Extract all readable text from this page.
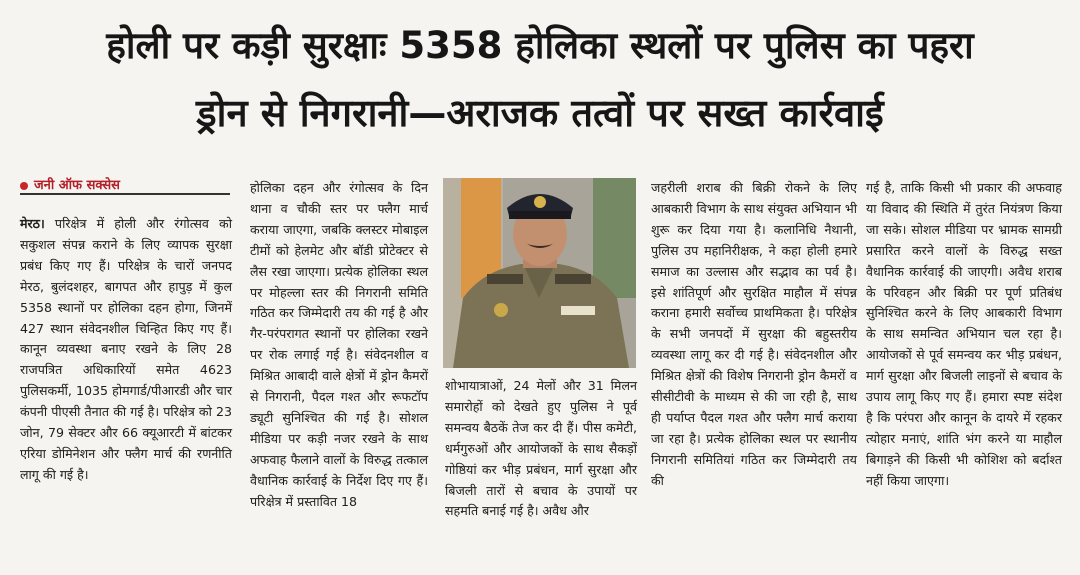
होली पर कड़ी सुरक्षाः 5358 होलिका स्थलों पर पुलिस का पहरा
ड्रोन से निगरानी—अराजक तत्वों पर सख्त कार्रवाई
जनी ऑफ सक्सेस
मेरठ। परिक्षेत्र में होली और रंगोत्सव को सकुशल संपन्न कराने के लिए व्यापक सुरक्षा प्रबंध किए गए हैं। परिक्षेत्र के चारों जनपद मेरठ, बुलंदशहर, बागपत और हापुड़ में कुल 5358 स्थानों पर होलिका दहन होगा, जिनमें 427 स्थान संवेदनशील चिन्हित किए गए हैं। कानून व्यवस्था बनाए रखने के लिए 28 राजपत्रित अधिकारियों समेत 4623 पुलिसकर्मी, 1035 होमगार्ड/पीआरडी और चार कंपनी पीएसी तैनात की गई है। परिक्षेत्र को 23 जोन, 79 सेक्टर और 66 क्यूआरटी में बांटकर एरिया डोमिनेशन और फ्लैग मार्च की रणनीति लागू की गई है।
होलिका दहन और रंगोत्सव के दिन थाना व चौकी स्तर पर फ्लैग मार्च कराया जाएगा, जबकि क्लस्टर मोबाइल टीमों को हेलमेट और बॉडी प्रोटेक्टर से लैस रखा जाएगा। प्रत्येक होलिका स्थल पर मोहल्ला स्तर की निगरानी समिति गठित कर जिम्मेदारी तय की गई है और गैर-परंपरागत स्थानों पर होलिका रखने पर रोक लगाई गई है। संवेदनशील व मिश्रित आबादी वाले क्षेत्रों में ड्रोन कैमरों से निगरानी, पैदल गश्त और रूफटॉप ड्यूटी सुनिश्चित की गई है। सोशल मीडिया पर कड़ी नजर रखने के साथ अफवाह फैलाने वालों के विरुद्ध तत्काल वैधानिक कार्रवाई के निर्देश दिए गए हैं। परिक्षेत्र में प्रस्तावित 18
शोभायात्राओं, 24 मेलों और 31 मिलन समारोहों को देखते हुए पुलिस ने पूर्व समन्वय बैठकें तेज कर दी हैं। पीस कमेटी, धर्मगुरुओं और आयोजकों के साथ सैकड़ों गोष्ठियां कर भीड़ प्रबंधन, मार्ग सुरक्षा और बिजली तारों से बचाव के उपायों पर सहमति बनाई गई है। अवैध और
जहरीली शराब की बिक्री रोकने के लिए आबकारी विभाग के साथ संयुक्त अभियान भी शुरू कर दिया गया है। कलानिधि नैथानी, पुलिस उप महानिरीक्षक, ने कहा होली हमारे समाज का उल्लास और सद्भाव का पर्व है। इसे शांतिपूर्ण और सुरक्षित माहौल में संपन्न कराना हमारी सर्वोच्च प्राथमिकता है। परिक्षेत्र के सभी जनपदों में सुरक्षा की बहुस्तरीय व्यवस्था लागू कर दी गई है। संवेदनशील और मिश्रित क्षेत्रों की विशेष निगरानी ड्रोन कैमरों व सीसीटीवी के माध्यम से की जा रही है, साथ ही पर्याप्त पैदल गश्त और फ्लैग मार्च कराया जा रहा है। प्रत्येक होलिका स्थल पर स्थानीय निगरानी समितियां गठित कर जिम्मेदारी तय की
गई है, ताकि किसी भी प्रकार की अफवाह या विवाद की स्थिति में तुरंत नियंत्रण किया जा सके। सोशल मीडिया पर भ्रामक सामग्री प्रसारित करने वालों के विरुद्ध सख्त वैधानिक कार्रवाई की जाएगी। अवैध शराब के परिवहन और बिक्री पर पूर्ण प्रतिबंध सुनिश्चित करने के लिए आबकारी विभाग के साथ समन्वित अभियान चल रहा है। आयोजकों से पूर्व समन्वय कर भीड़ प्रबंधन, मार्ग सुरक्षा और बिजली लाइनों से बचाव के उपाय लागू किए गए हैं। हमारा स्पष्ट संदेश है कि परंपरा और कानून के दायरे में रहकर त्योहार मनाएं, शांति भंग करने या माहौल बिगाड़ने की किसी भी कोशिश को बर्दाश्त नहीं किया जाएगा।
